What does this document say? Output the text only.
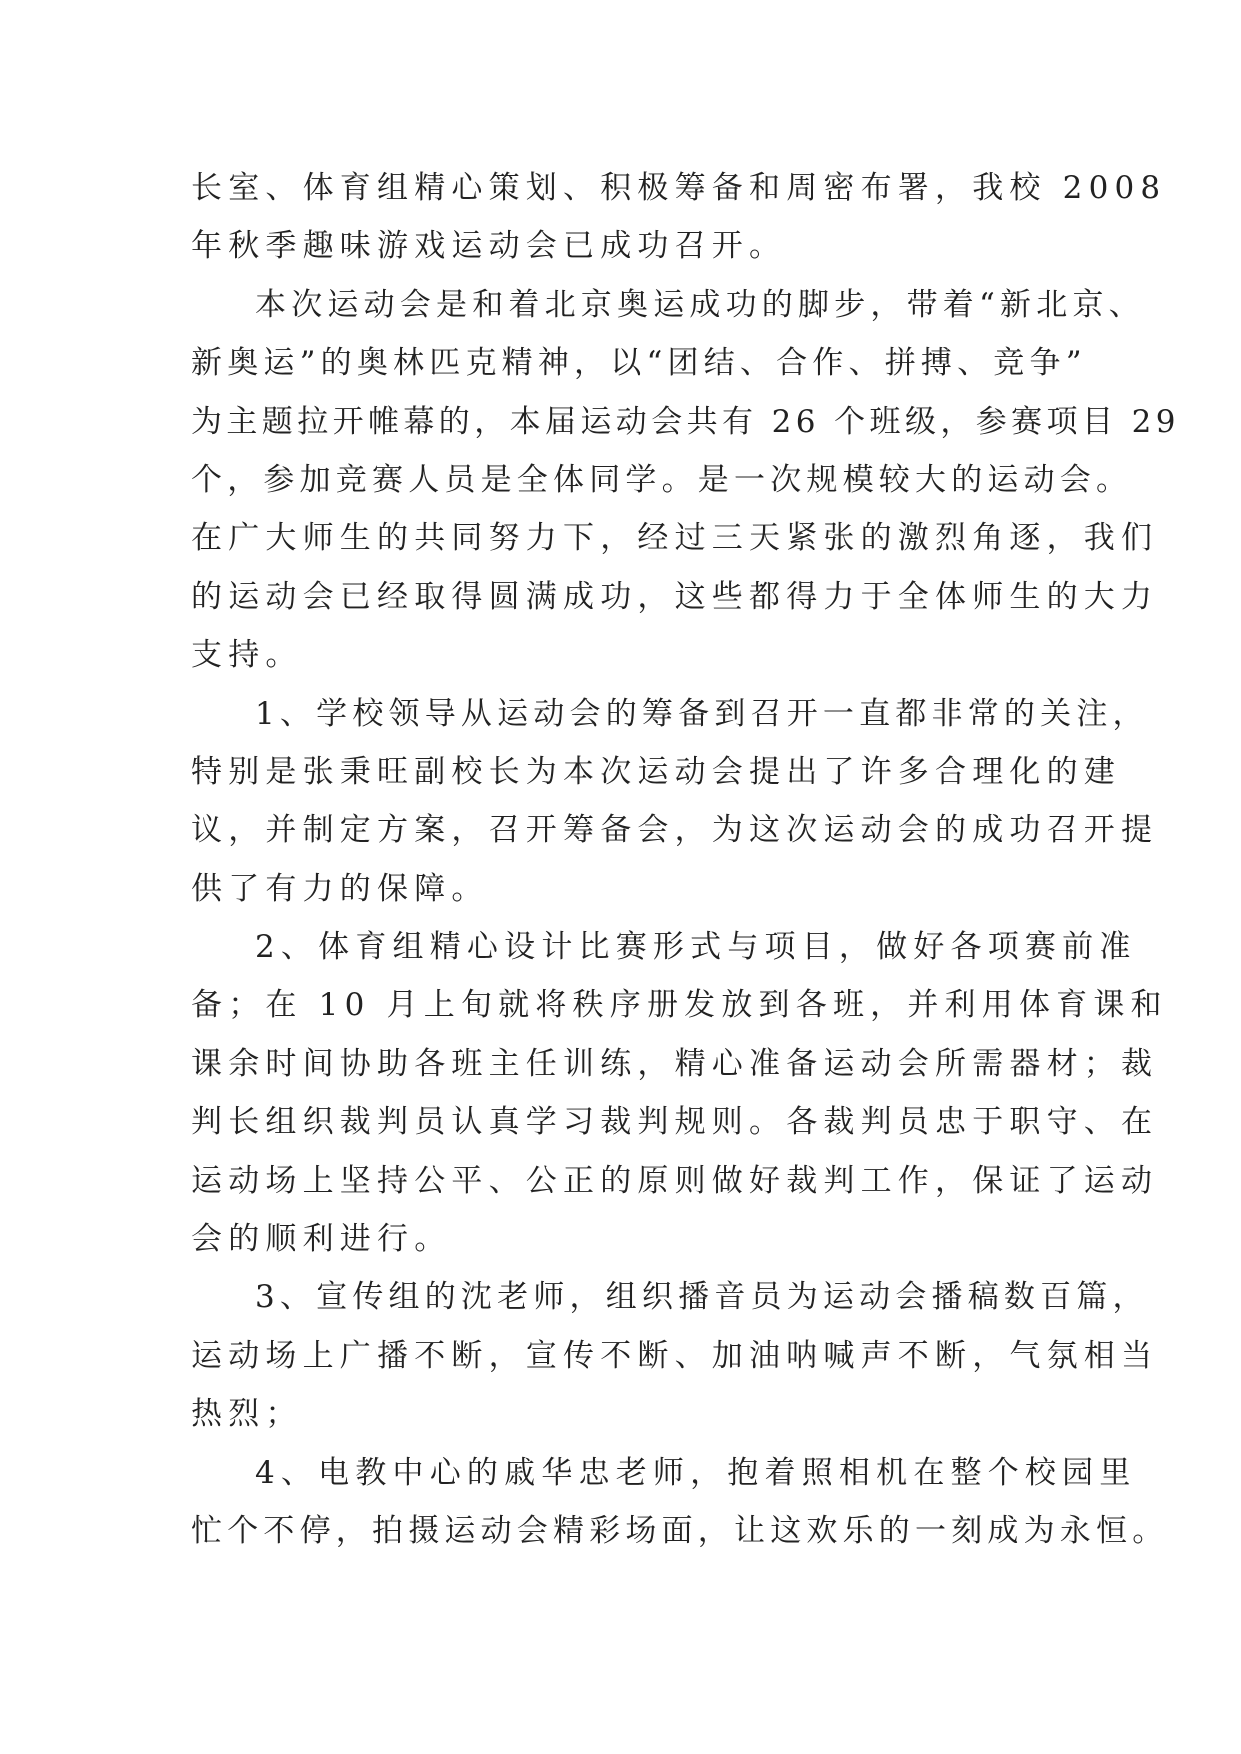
长室、体育组精心策划、积极筹备和周密布署，我校 2008
年秋季趣味游戏运动会已成功召开。
本次运动会是和着北京奥运成功的脚步，带着“新北京、
新奥运”的奥林匹克精神，以“团结、合作、拼搏、竞争”
为主题拉开帷幕的，本届运动会共有 26 个班级，参赛项目 29
个，参加竞赛人员是全体同学。是一次规模较大的运动会。
在广大师生的共同努力下，经过三天紧张的激烈角逐，我们
的运动会已经取得圆满成功，这些都得力于全体师生的大力
支持。
1、学校领导从运动会的筹备到召开一直都非常的关注，
特别是张秉旺副校长为本次运动会提出了许多合理化的建
议，并制定方案，召开筹备会，为这次运动会的成功召开提
供了有力的保障。
2、体育组精心设计比赛形式与项目，做好各项赛前准
备；在 10 月上旬就将秩序册发放到各班，并利用体育课和
课余时间协助各班主任训练，精心准备运动会所需器材；裁
判长组织裁判员认真学习裁判规则。各裁判员忠于职守、在
运动场上坚持公平、公正的原则做好裁判工作，保证了运动
会的顺利进行。
3、宣传组的沈老师，组织播音员为运动会播稿数百篇，
运动场上广播不断，宣传不断、加油呐喊声不断，气氛相当
热烈；
4、电教中心的戚华忠老师，抱着照相机在整个校园里
忙个不停，拍摄运动会精彩场面，让这欢乐的一刻成为永恒。
